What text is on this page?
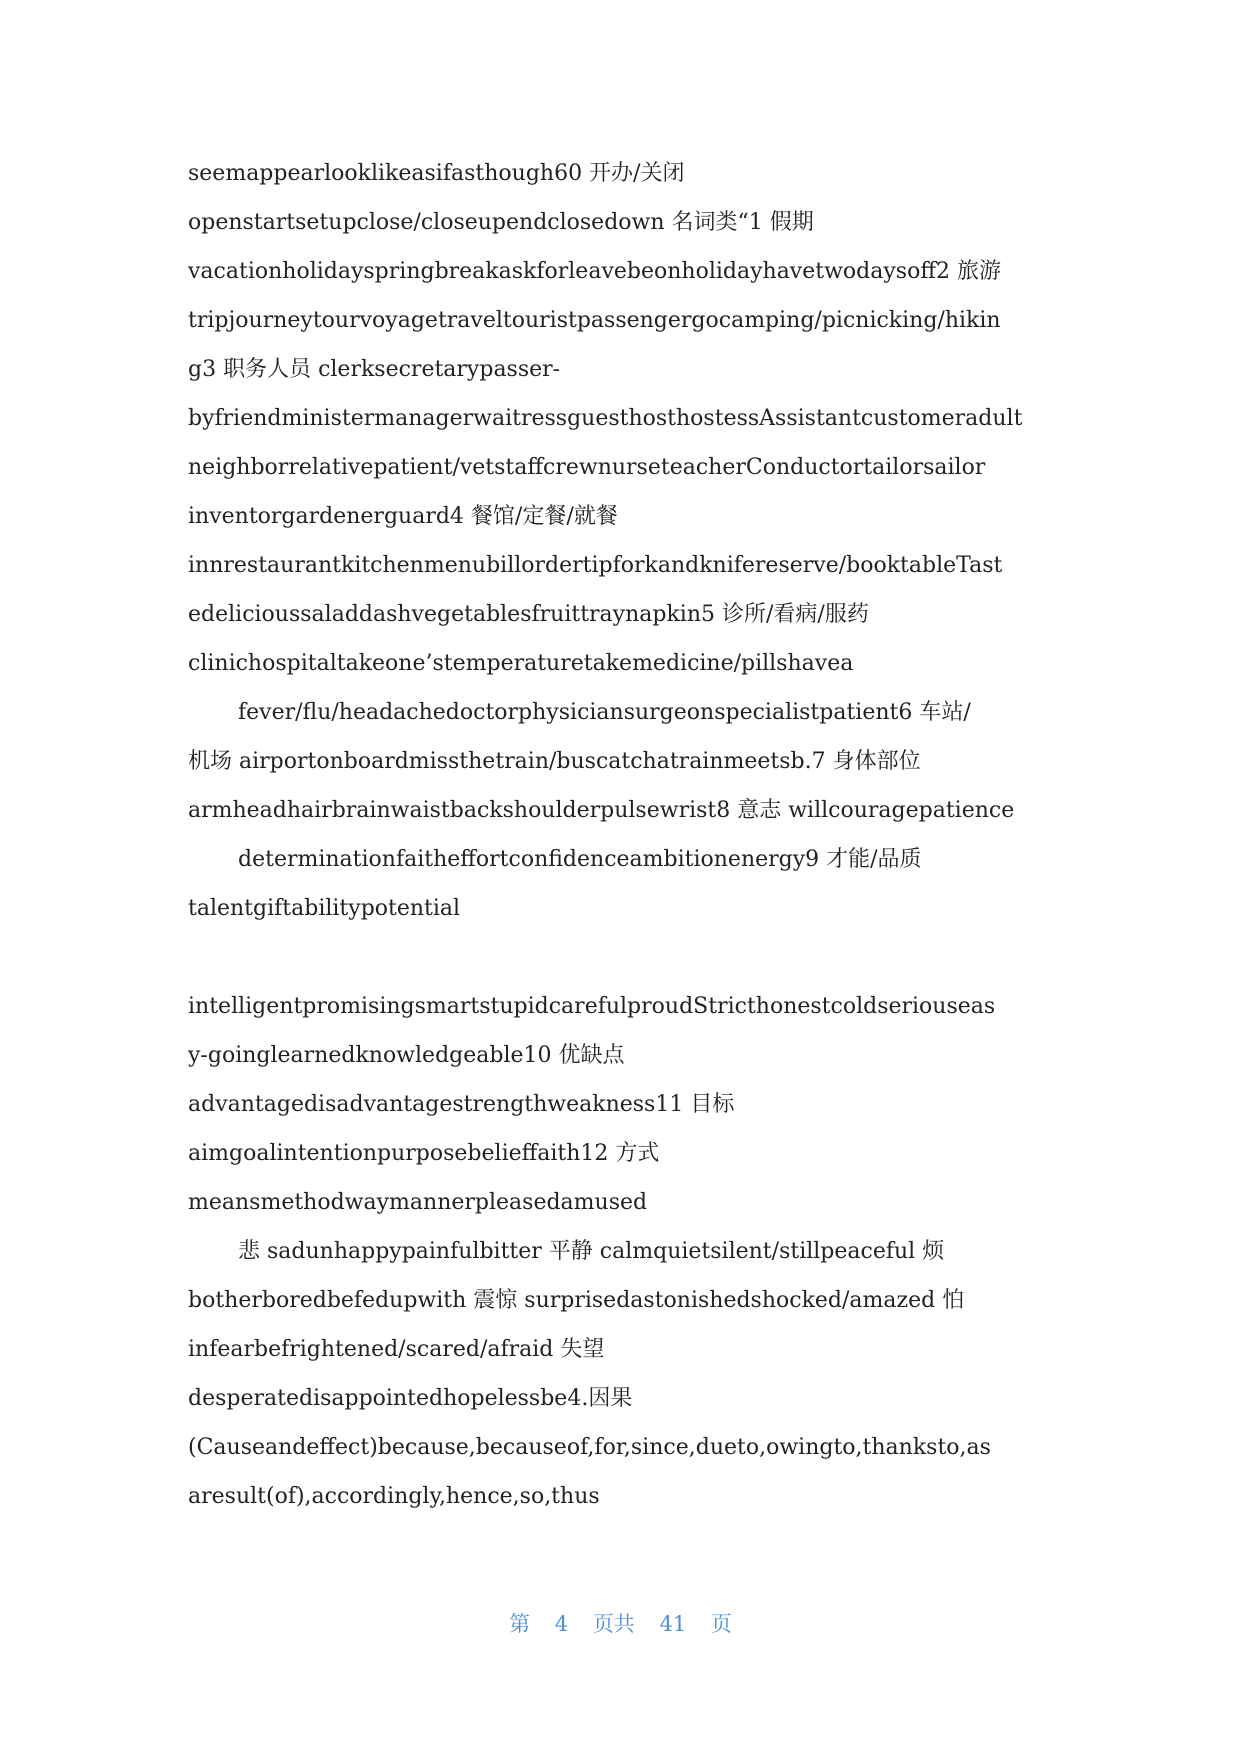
seemappearlooklikeasifasthough60 开办/关闭
openstartsetupclose/closeupendclosedown 名词类“1 假期
vacationholidayspringbreakaskforleavebeonholidayhavetwodaysoff2 旅游
tripjourneytourvoyagetraveltouristpassengergocamping/picnicking/hikin
g3 职务人员 clerksecretarypasser-
byfriendministermanagerwaitressguesthosthostessAssistantcustomeradult
neighborrelativepatient/vetstaffcrewnurseteacherConductortailorsailor
inventorgardenerguard4 餐馆/定餐/就餐
innrestaurantkitchenmenubillordertipforkandknifereserve/booktableTast
edelicioussaladdashvegetablesfruittraynapkin5 诊所/看病/服药
clinichospitaltakeone’stemperaturetakemedicine/pillshavea
fever/flu/headachedoctorphysiciansurgeonspecialistpatient6 车站/
机场 airportonboardmissthetrain/buscatchatrainmeetsb.7 身体部位
armheadhairbrainwaistbackshoulderpulsewrist8 意志 willcouragepatience
determinationfaitheffortconfidenceambitionenergy9 才能/品质
talentgiftabilitypotential
intelligentpromisingsmartstupidcarefulproudStricthonestcoldseriouseas
y-goinglearnedknowledgeable10 优缺点
advantagedisadvantagestrengthweakness11 目标
aimgoalintentionpurposebelieffaith12 方式
meansmethodwaymannerpleasedamused
悲 sadunhappypainfulbitter 平静 calmquietsilent/stillpeaceful 烦
botherboredbefedupwith 震惊 surprisedastonishedshocked/amazed 怕
infearbefrightened/scared/afraid 失望
desperatedisappointedhopelessbe4.因果
(Causeandeffect)because,becauseof,for,since,dueto,owingto,thanksto,as
aresult(of),accordingly,hence,so,thus
第 4 页共 41 页
